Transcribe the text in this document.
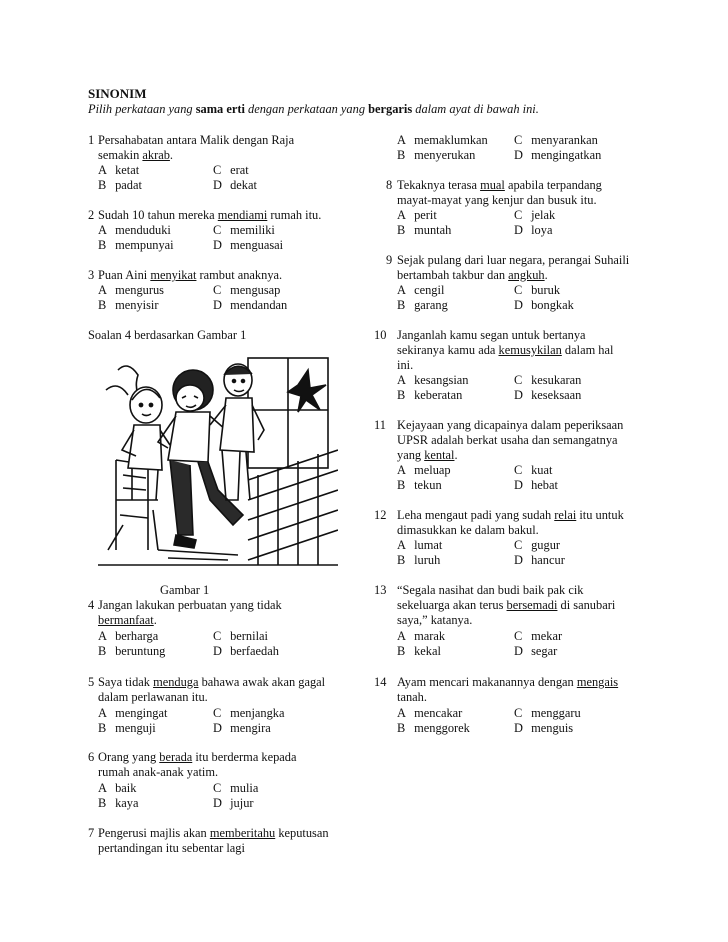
SINONIM
Pilih perkataan yang sama erti dengan perkataan yang bergaris dalam ayat di bawah ini.
1 Persahabatan antara Malik dengan Raja
semakin akrab.
A ketat	C erat
B padat	D dekat
2 Sudah 10 tahun mereka mendiami rumah itu.
A menduduki	C memiliki
B mempunyai	D menguasai
3 Puan Aini menyikat rambut anaknya.
A mengurus	C mengusap
B menyisir	D mendandan
Soalan 4 berdasarkan Gambar 1
Gambar 1
4 Jangan lakukan perbuatan yang tidak
bermanfaat.
A berharga	C bernilai
B beruntung	D berfaedah
5 Saya tidak menduga bahawa awak akan gagal
dalam perlawanan itu.
A mengingat	C menjangka
B menguji	D mengira
6 Orang yang berada itu berderma kepada
rumah anak-anak yatim.
A baik	C mulia
B kaya	D jujur
7 Pengerusi majlis akan memberitahu keputusan
pertandingan itu sebentar lagi
A memaklumkan C menyarankan
B menyerukan	D mengingatkan
8 Tekaknya terasa mual apabila terpandang
mayat-mayat yang kenjur dan busuk itu.
A perit	C jelak
B muntah	D loya
9 Sejak pulang dari luar negara, perangai Suhaili
bertambah takbur dan angkuh.
A cengil	C buruk
B garang	D bongkak
10 Janganlah kamu segan untuk bertanya
sekiranya kamu ada kemusykilan dalam hal
ini.
A kesangsian	C kesukaran
B keberatan	D keseksaan
11 Kejayaan yang dicapainya dalam peperiksaan
UPSR adalah berkat usaha dan semangatnya
yang kental.
A meluap	C kuat
B tekun	D hebat
12 Leha mengaut padi yang sudah relai itu untuk
dimasukkan ke dalam bakul.
A lumat	C gugur
B luruh	D hancur
13 “Segala nasihat dan budi baik pak cik
sekeluarga akan terus bersemadi di sanubari
saya,” katanya.
A marak	C mekar
B kekal	D segar
14 Ayam mencari makanannya dengan mengais
tanah.
A mencakar	C menggaru
B menggorek	D menguis
